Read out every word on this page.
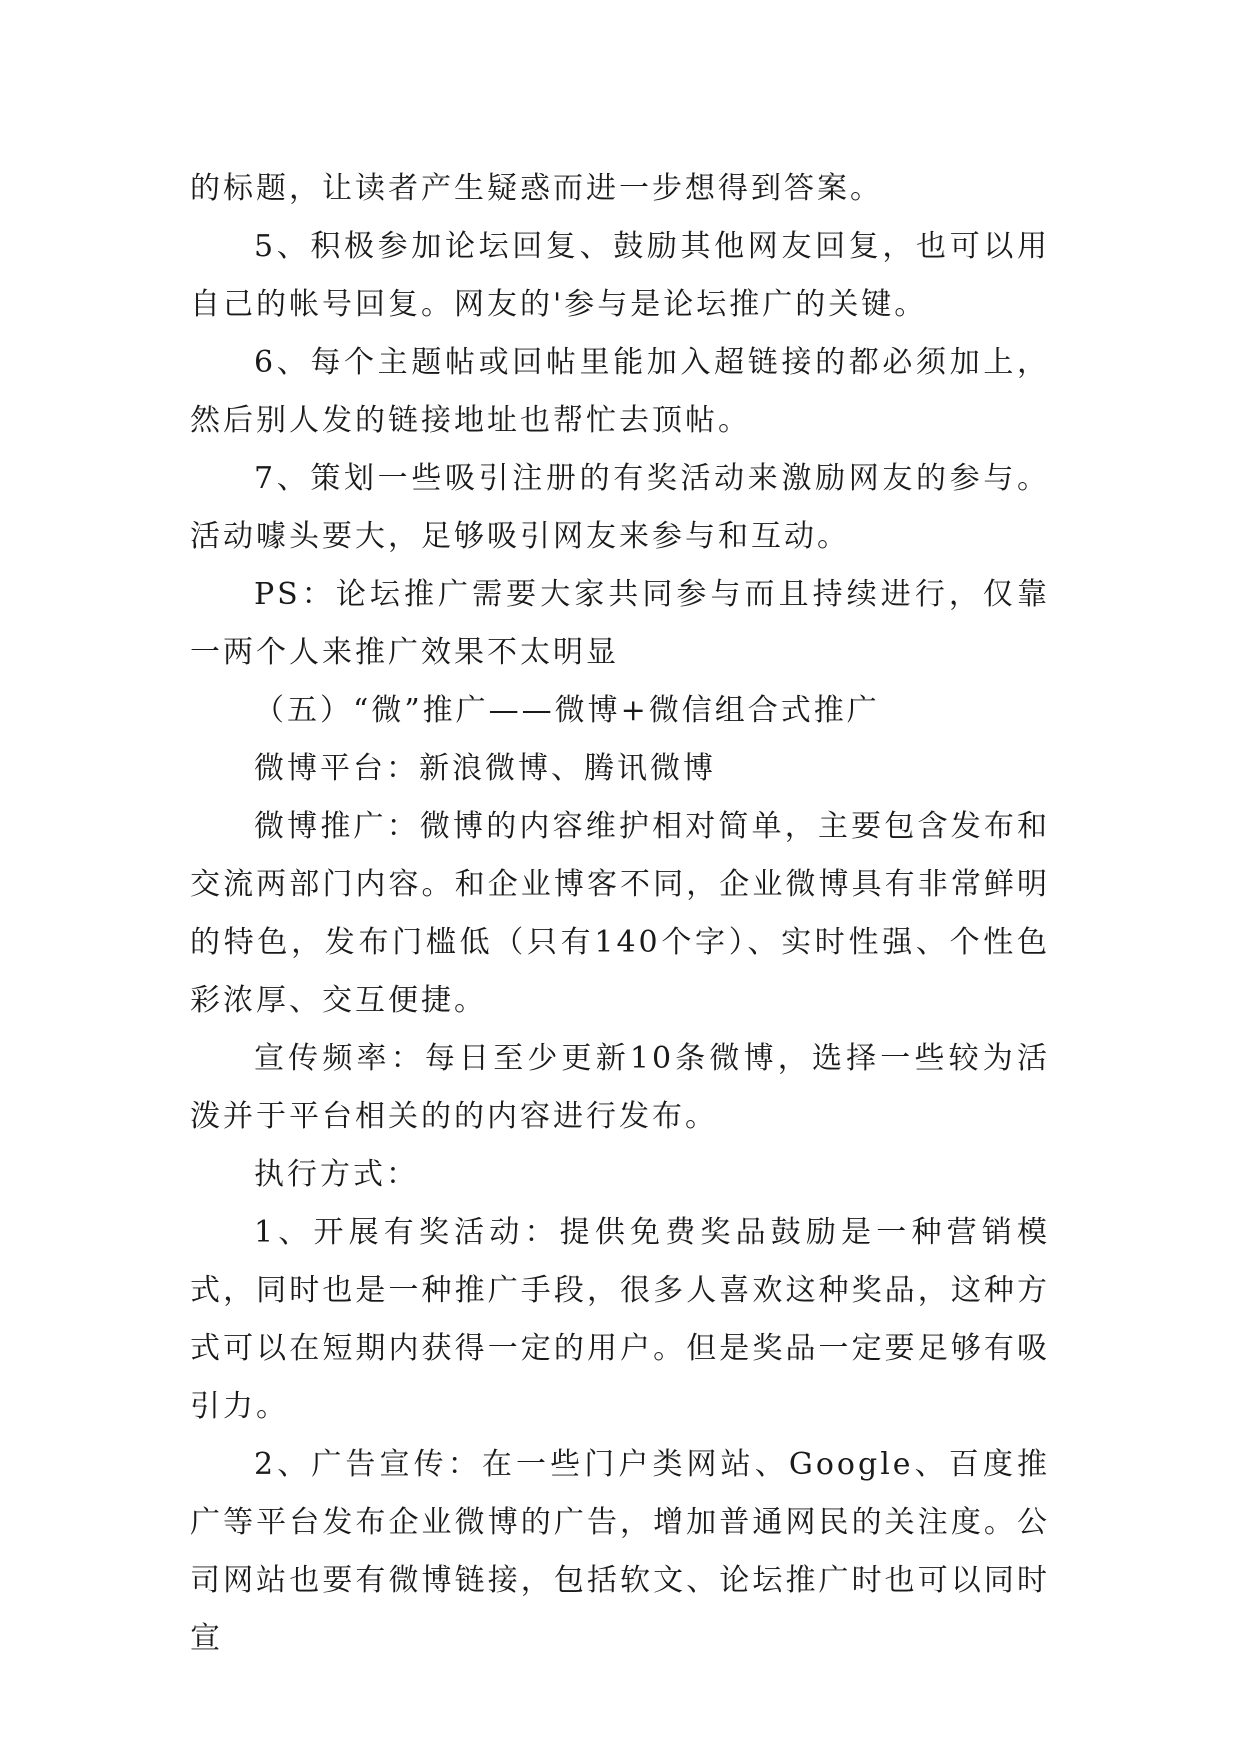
的标题，让读者产生疑惑而进一步想得到答案。

5、积极参加论坛回复、鼓励其他网友回复，也可以用自己的帐号回复。网友的'参与是论坛推广的关键。

6、每个主题帖或回帖里能加入超链接的都必须加上，然后别人发的链接地址也帮忙去顶帖。

7、策划一些吸引注册的有奖活动来激励网友的参与。活动噱头要大，足够吸引网友来参与和互动。

PS：论坛推广需要大家共同参与而且持续进行，仅靠一两个人来推广效果不太明显

（五）“微”推广——微博+微信组合式推广

微博平台：新浪微博、腾讯微博

微博推广：微博的内容维护相对简单，主要包含发布和交流两部门内容。和企业博客不同，企业微博具有非常鲜明的特色，发布门槛低（只有140个字）、实时性强、个性色彩浓厚、交互便捷。

宣传频率：每日至少更新10条微博，选择一些较为活泼并于平台相关的的内容进行发布。

执行方式：

1、开展有奖活动：提供免费奖品鼓励是一种营销模式，同时也是一种推广手段，很多人喜欢这种奖品，这种方式可以在短期内获得一定的用户。但是奖品一定要足够有吸引力。

2、广告宣传：在一些门户类网站、Google、百度推广等平台发布企业微博的广告，增加普通网民的关注度。公司网站也要有微博链接，包括软文、论坛推广时也可以同时宣
